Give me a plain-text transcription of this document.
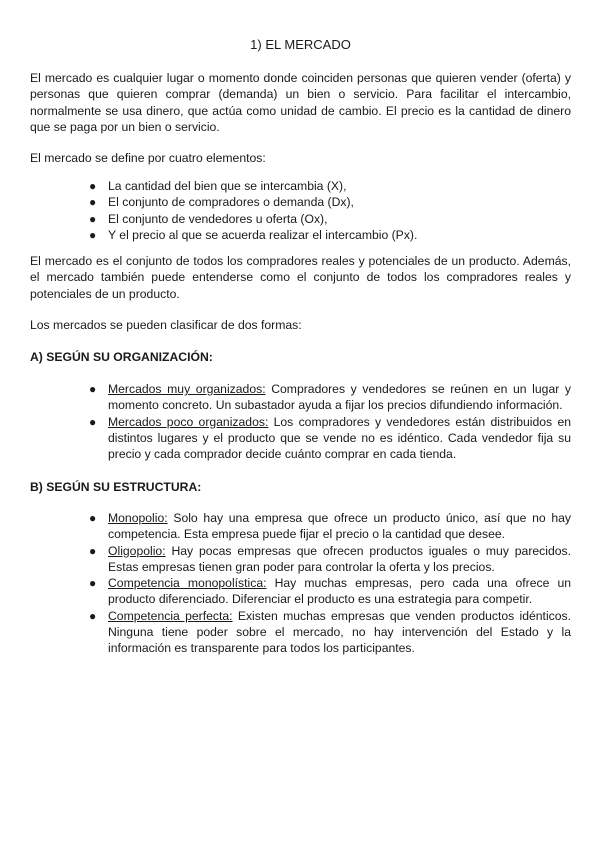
1) EL MERCADO

El mercado es cualquier lugar o momento donde coinciden personas que quieren vender (oferta) y personas que quieren comprar (demanda) un bien o servicio. Para facilitar el intercambio, normalmente se usa dinero, que actúa como unidad de cambio. El precio es la cantidad de dinero que se paga por un bien o servicio.

El mercado se define por cuatro elementos:

● La cantidad del bien que se intercambia (X),
● El conjunto de compradores o demanda (Dx),
● El conjunto de vendedores u oferta (Ox),
● Y el precio al que se acuerda realizar el intercambio (Px).

El mercado es el conjunto de todos los compradores reales y potenciales de un producto. Además, el mercado también puede entenderse como el conjunto de todos los compradores reales y potenciales de un producto.

Los mercados se pueden clasificar de dos formas:

A) SEGÚN SU ORGANIZACIÓN:

● Mercados muy organizados: Compradores y vendedores se reúnen en un lugar y momento concreto. Un subastador ayuda a fijar los precios difundiendo información.
● Mercados poco organizados: Los compradores y vendedores están distribuidos en distintos lugares y el producto que se vende no es idéntico. Cada vendedor fija su precio y cada comprador decide cuánto comprar en cada tienda.

B) SEGÚN SU ESTRUCTURA:

● Monopolio: Solo hay una empresa que ofrece un producto único, así que no hay competencia. Esta empresa puede fijar el precio o la cantidad que desee.
● Oligopolio: Hay pocas empresas que ofrecen productos iguales o muy parecidos. Estas empresas tienen gran poder para controlar la oferta y los precios.
● Competencia monopolística: Hay muchas empresas, pero cada una ofrece un producto diferenciado. Diferenciar el producto es una estrategia para competir.
● Competencia perfecta: Existen muchas empresas que venden productos idénticos. Ninguna tiene poder sobre el mercado, no hay intervención del Estado y la información es transparente para todos los participantes.
